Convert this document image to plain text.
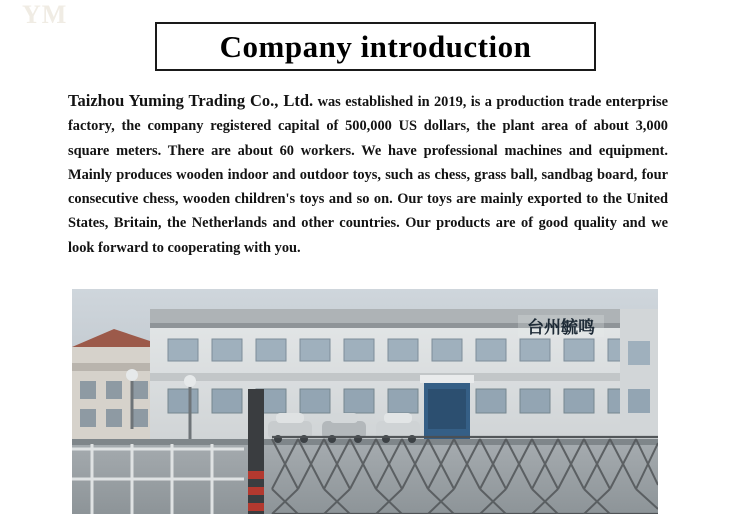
YM
Company introduction
Taizhou Yuming Trading Co., Ltd. was established in 2019, is a production trade enterprise factory, the company registered capital of 500,000 US dollars, the plant area of about 3,000 square meters. There are about 60 workers. We have professional machines and equipment. Mainly produces wooden indoor and outdoor toys, such as chess, grass ball, sandbag board, four consecutive chess, wooden children's toys and so on. Our toys are mainly exported to the United States, Britain, the Netherlands and other countries. Our products are of good quality and we look forward to cooperating with you.
台州毓鸣
